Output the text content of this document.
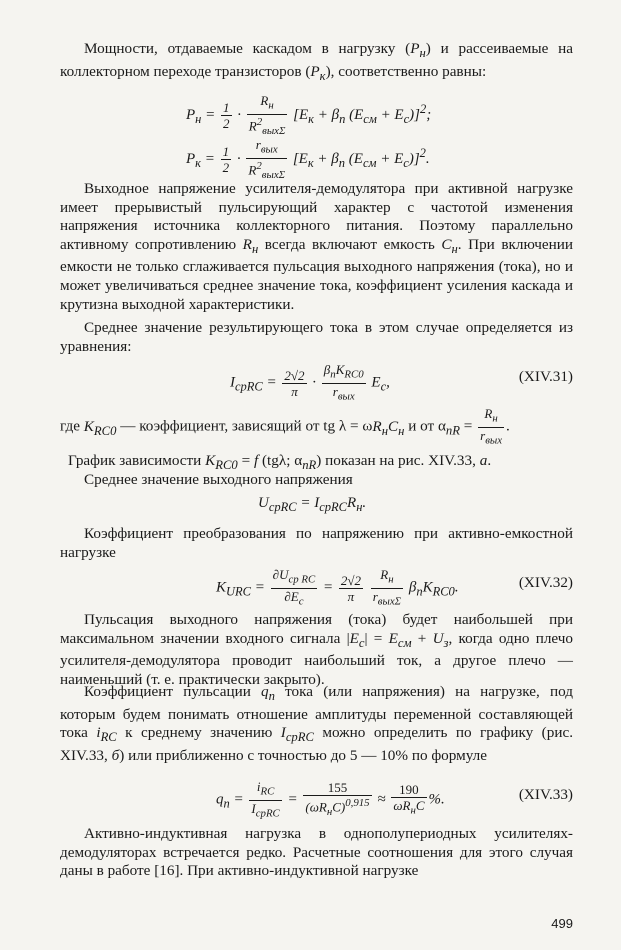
Мощности, отдаваемые каскадом в нагрузку $(P_н)$ и рассеиваемые на коллекторном переходе транзисторов $(P_к)$, соответственно равны:
$P_н = \frac{1}{2} \cdot \frac{R_н}{R^2_{вых\Sigma}} [E_к + \beta_п$ $(E_{см} + E_с)]^2$;
$P_к = \frac{1}{2} \cdot \frac{r_{вых}}{R^2_{вых\Sigma}} [E_к + \beta_п$ $(E_{см} + E_с)]^2$.
Выходное напряжение усилителя-демодулятора при активной нагрузке имеет прерывистый пульсирующий характер с частотой изменения напряжения источника коллекторного питания. Поэтому параллельно активному сопротивлению $R_н$ всегда включают емкость $С_н$. При включении емкости не только сглаживается пульсация выходного напряжения (тока), но и может увеличиваться среднее значение тока, коэффициент усиления каскада и крутизна выходной характеристики.
Среднее значение результирующего тока в этом случае определяется из уравнения:
$I_{срRC} = \frac{2√2}{\pi} \cdot \frac{\beta_пK_{RC0}}{r_{вых}} E_с$,	(XIV.31)
где $K_{RC0}$ — коэффициент, зависящий от tg $\lambda = \omega R_нC_н$ и от $\alpha_{nR} = \frac{R_н}{r_{вых}}$ .
График зависимости $K_{RC0} = f$ (tgλ; $\alpha_{nR}$) показан на рис. XIV.33, а.
Среднее значение выходного напряжения
$U_{срRC} = I_{срRC}R_н$.
Коэффициент преобразования по напряжению при активно-емкостной нагрузке
$K_{URC} = \frac{\partial U_{ср RC}}{\partial E_с} = \frac{2√2}{\pi}$
$\frac{R_н}{r_{вых\Sigma}} \beta_пK_{RC0}$.	(XIV.32)
Пульсация выходного напряжения (тока) будет наибольшей при максимальном значении входного сигнала $|E_с| = E_{см} + U_з$, когда одно плечо усилителя-демодулятора проводит наибольший ток, а другое плечо — наименьший (т. е. практически закрыто).
Коэффициент пульсации $q_п$ тока (или напряжения) на нагрузке, под которым будем понимать отношение амплитуды переменной составляющей тока $i_{RC}$ к среднему значению $I_{срRC}$ можно определить по графику (рис. XIV.33, б) или приближенно с точностью до 5 — 10% по формуле
$q_п = \frac{i_{RC}}{I_{срRC}} = \frac{155}{(\omega R_нC)^{0,915}} \approx \frac{190}{\omega R_нC}$ %.	(XIV.33)
Активно-индуктивная нагрузка в однополупериодных усилителях-демодуляторах встречается редко. Расчетные соотношения для этого случая даны в работе [16]. При активно-индуктивной нагрузке
499
